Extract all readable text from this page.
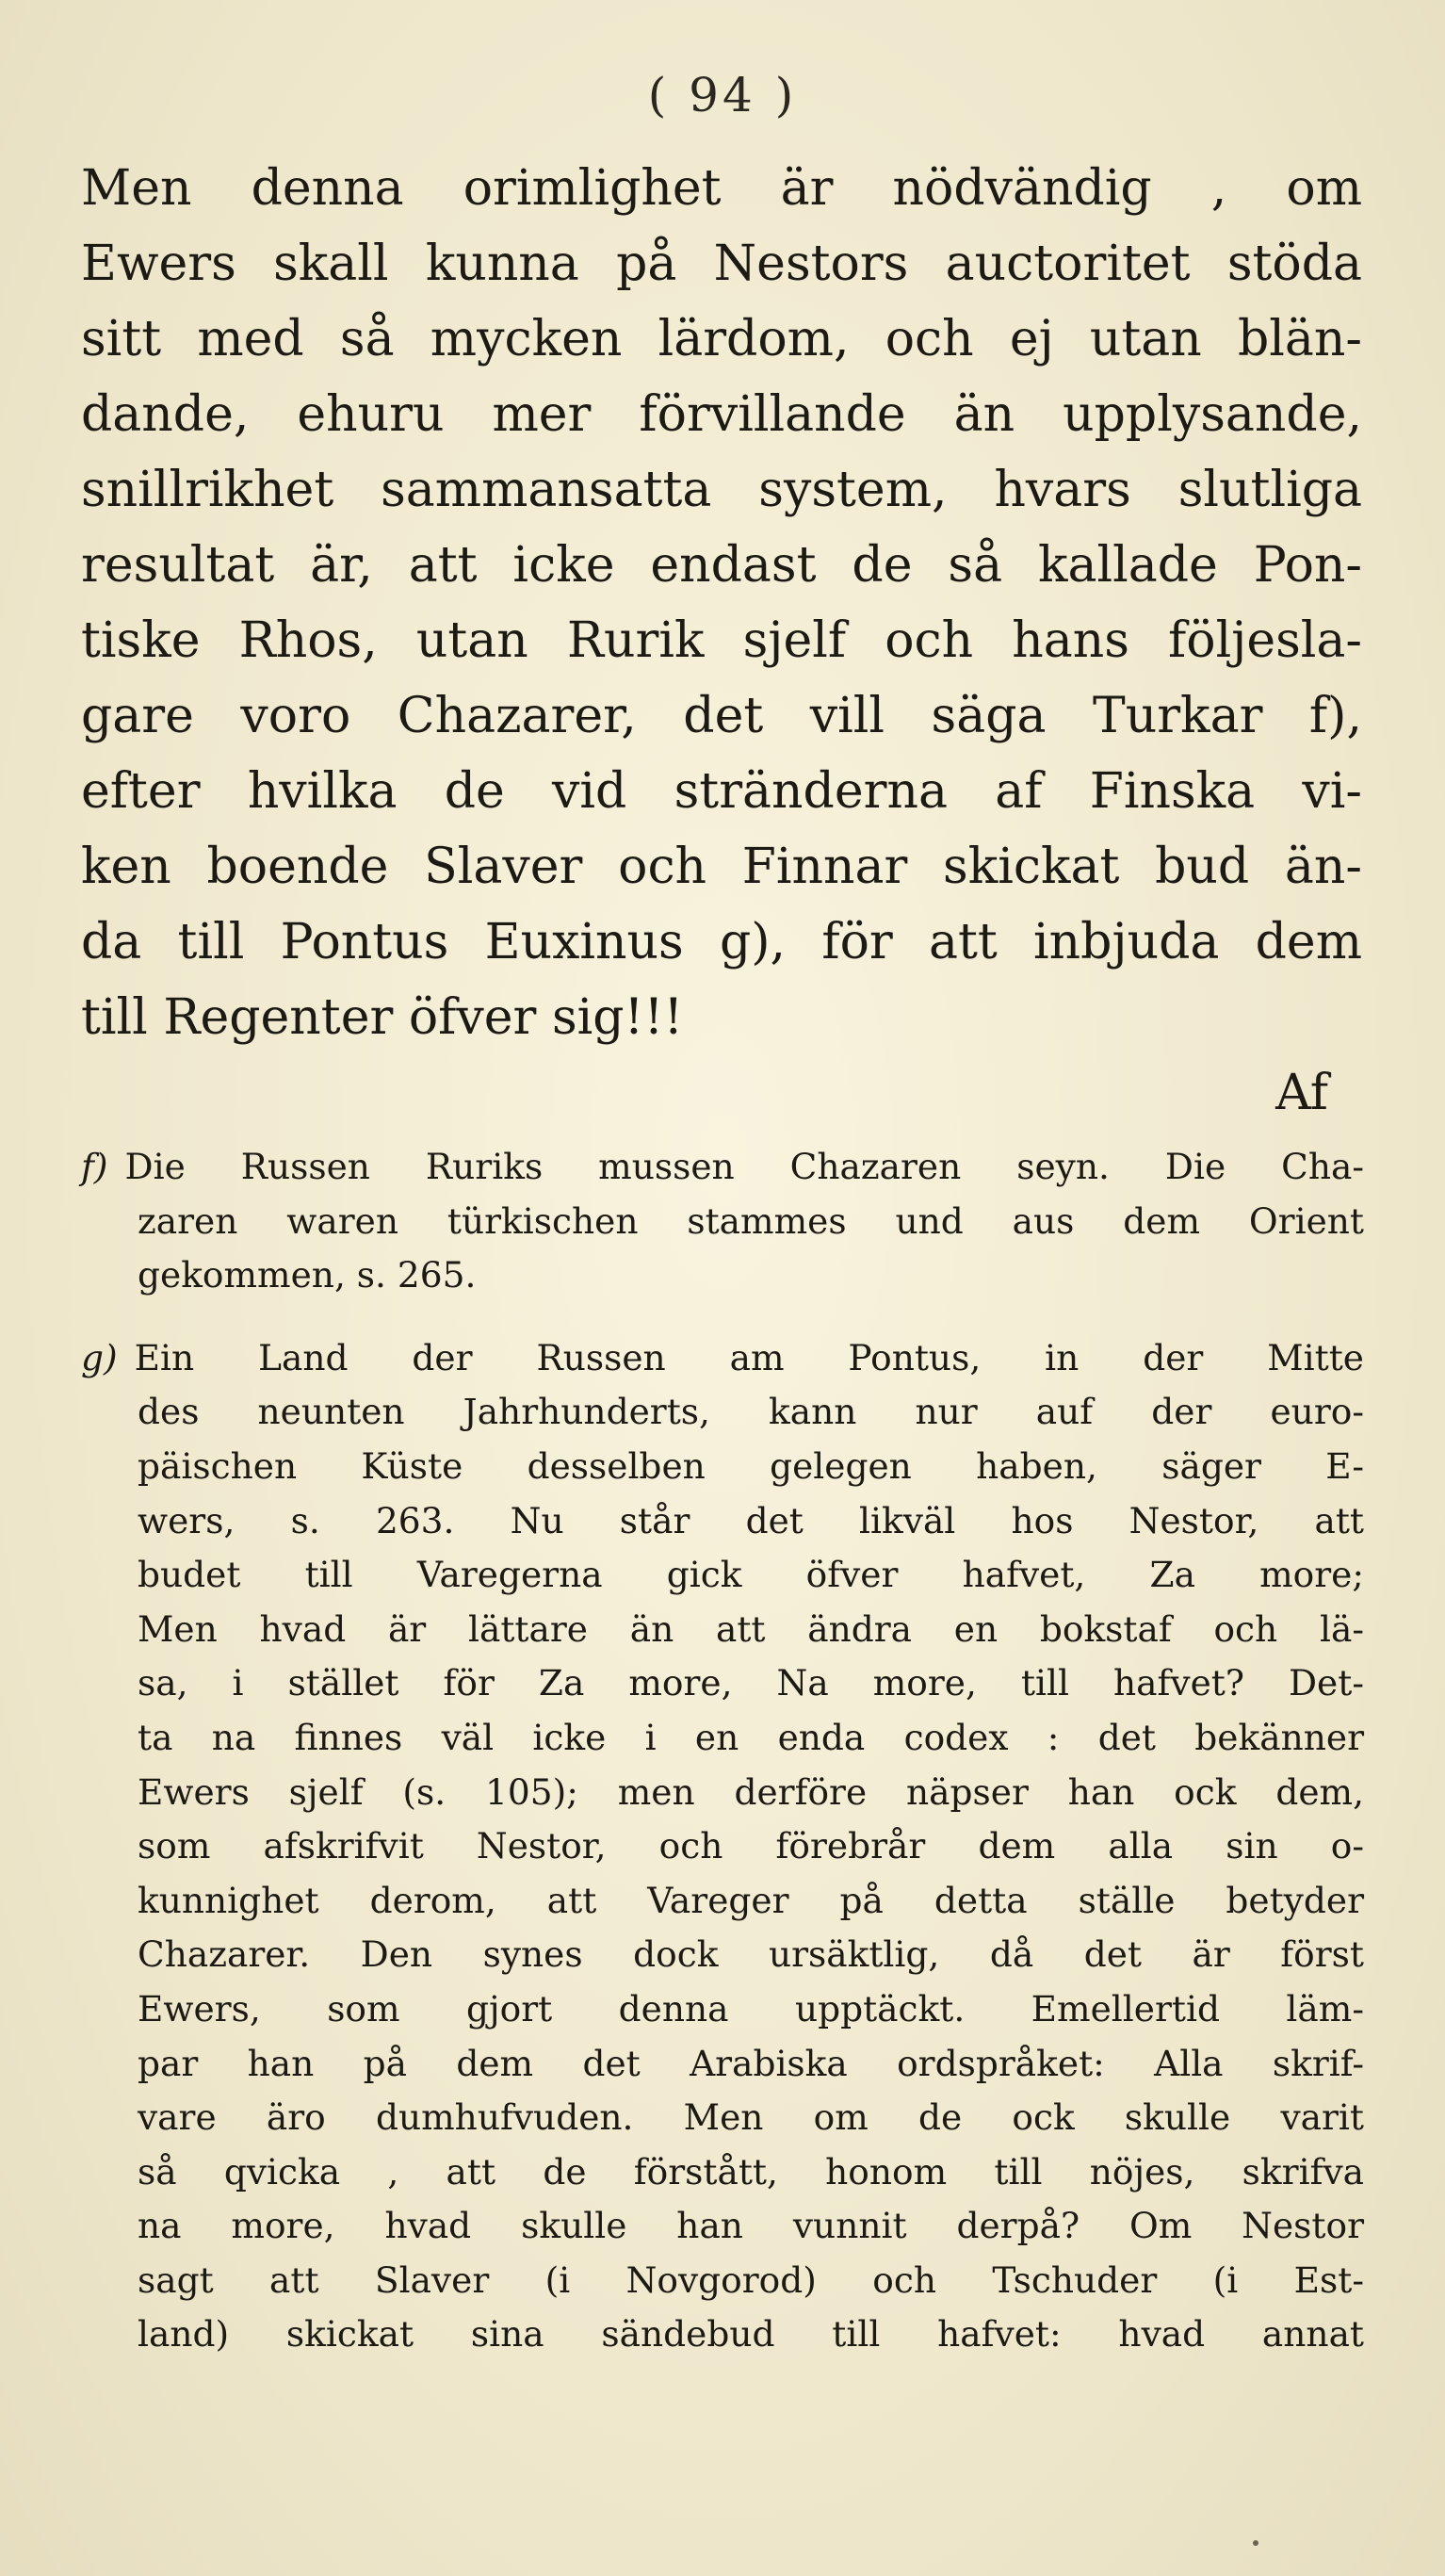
( 94 )
Men denna orimlighet är nödvändig , om
Ewers skall kunna på Nestors auctoritet stöda
sitt med så mycken lärdom, och ej utan blän-
dande, ehuru mer förvillande än upplysande,
snillrikhet sammansatta system, hvars slutliga
resultat är, att icke endast de så kallade Pon-
tiske Rhos, utan Rurik sjelf och hans följesla-
gare voro Chazarer, det vill säga Turkar f),
efter hvilka de vid stränderna af Finska vi-
ken boende Slaver och Finnar skickat bud än-
da till Pontus Euxinus g), för att inbjuda dem
till Regenter öfver sig!!!
Af
f) Die Russen Ruriks mussen Chazaren seyn. Die Cha-
zaren waren türkischen stammes und aus dem Orient
gekommen, s. 265.
g) Ein Land der Russen am Pontus, in der Mitte
des neunten Jahrhunderts, kann nur auf der euro-
päischen Küste desselben gelegen haben, säger E-
wers, s. 263. Nu står det likväl hos Nestor, att
budet till Varegerna gick öfver hafvet, Za more;
Men hvad är lättare än att ändra en bokstaf och lä-
sa, i stället för Za more, Na more, till hafvet? Det-
ta na finnes väl icke i en enda codex : det bekänner
Ewers sjelf (s. 105); men derföre näpser han ock dem,
som afskrifvit Nestor, och förebrår dem alla sin o-
kunnighet derom, att Vareger på detta ställe betyder
Chazarer. Den synes dock ursäktlig, då det är först
Ewers, som gjort denna upptäckt. Emellertid läm-
par han på dem det Arabiska ordspråket: Alla skrif-
vare äro dumhufvuden. Men om de ock skulle varit
så qvicka , att de förstått, honom till nöjes, skrifva
na more, hvad skulle han vunnit derpå? Om Nestor
sagt att Slaver (i Novgorod) och Tschuder (i Est-
land) skickat sina sändebud till hafvet: hvad annat
